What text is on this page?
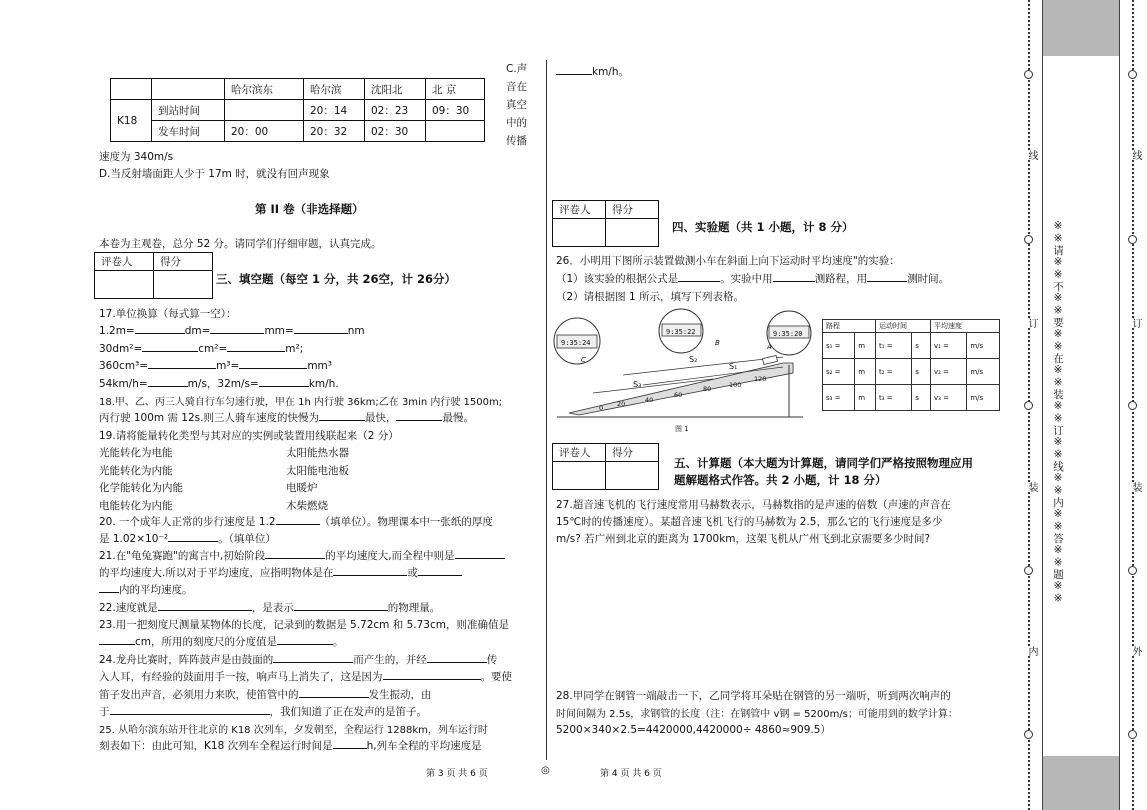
		哈尔滨东	哈尔滨	沈阳北	北 京
K18	到站时间		20：14	02：23	09：30
	发车时间	20：00	20：32	02：30	
C.声
音在
真空
中的
传播
速度为 340m/s
D.当反射墙面距人少于 17m 时，就没有回声现象
第 II 卷（非选择题）
本卷为主观卷，总分 52 分。请同学们仔细审题，认真完成。
评卷人	得分

三、填空题（每空 1 分，共 26空，计 26分）
17.单位换算（每式算一空）：
1.2m=	dm=	mm=	nm
30dm²=	cm²=	m²;
360cm³=	m³=	mm³
54km/h=	m/s，32m/s=	km/h.
18.甲、乙、丙三人骑自行车匀速行驶，甲在 1h 内行驶 36km;乙在 3min 内行驶 1500m;
丙行驶 100m 需 12s.则三人骑车速度的快慢为	最快，	最慢。
19.请将能量转化类型与其对应的实例或装置用线联起来（2 分）
光能转化为电能
光能转化为内能
化学能转化为内能
电能转化为内能
太阳能热水器
太阳能电池板
电暖炉
木柴燃烧
20. 一个成年人正常的步行速度是 1.2	（填单位）。物理课本中一张纸的厚度
是 1.02×10⁻²	。（填单位）
21.在"龟兔赛跑"的寓言中,初始阶段	的平均速度大,而全程中则是
的平均速度大.所以对于平均速度，应指明物体是在	或
内的平均速度。
22.速度就是	，是表示	的物理量。
23.用一把刻度尺测量某物体的长度，记录到的数据是 5.72cm 和 5.73cm，则准确值是
cm，所用的刻度尺的分度值是	。
24.龙舟比赛时，阵阵鼓声是由鼓面的	而产生的，并经	传
入人耳，有经验的鼓面用手一按，响声马上消失了，这是因为	。要使
笛子发出声音，必须用力来吹，使笛管中的	发生振动，由
于	，我们知道了正在发声的是笛子。
25. 从哈尔滨东站开往北京的 K18 次列车，夕发朝至，全程运行 1288km，列车运行时
刻表如下：由此可知，K18 次列车全程运行时间是	h,列车全程的平均速度是
第 3 页 共 6 页	◎	第 4 页 共 6 页
km/h。
评卷人	得分

四、实验题（共 1 小题，计 8 分）
26．小明用下图所示装置做测小车在斜面上向下运动时平均速度"的实验：
（1）该实验的根据公式是	。实验中用	测路程，用	测时间。
（2）请根据图 1 所示，填写下列表格。
9:35:24
9:35:22	9:35:20
C
B	A
S₂
S₁
S₃
0 20	40
60
80	100
120
图 1
路程		运动时间		平均速度	
s₁ =	m	t₁ =	s	v₁ =	m/s
s₂ =	m	t₂ =	s	v₂ =	m/s
s₃ =	m	t₃ =	s	v₃ =	m/s
评卷人	得分

五、计算题（本大题为计算题，请同学们严格按照物理应用
题解题格式作答。共 2 小题，计 18 分）
27.超音速飞机的飞行速度常用马赫数表示，马赫数指的是声速的倍数（声速的声音在
15℃时的传播速度）。某超音速飞机飞行的马赫数为 2.5，那么它的飞行速度是多少
m/s? 若广州到北京的距离为 1700km，这架飞机从广州飞到北京需要多少时间?
28.甲同学在钢管一端敲击一下，乙同学将耳朵贴在钢管的另一端听，听到两次响声的
时间间隔为 2.5s，求钢管的长度（注：在钢管中 v钢 = 5200m/s；可能用到的数学计算：
5200×340×2.5=4420000,4420000÷ 4860≈909.5）
线
订
装
内
线
订
装
外
※※请※※不※※要※※在※※装※※订※※线※※内※※答※※题※※
